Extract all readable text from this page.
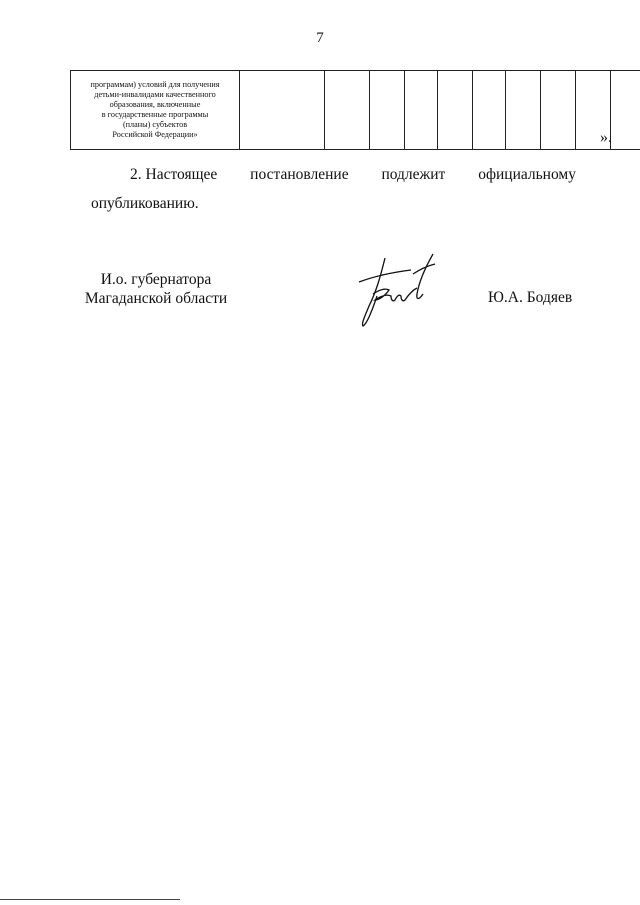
7
программам) условий для получения
детьми-инвалидами качественного
образования, включенные
в государственные программы
(планы) субъектов
Российской Федерации»
											».
2. Настоящее постановление подлежит официальному
опубликованию.
И.о. губернатора
Магаданской области	Ю.А. Бодяев
